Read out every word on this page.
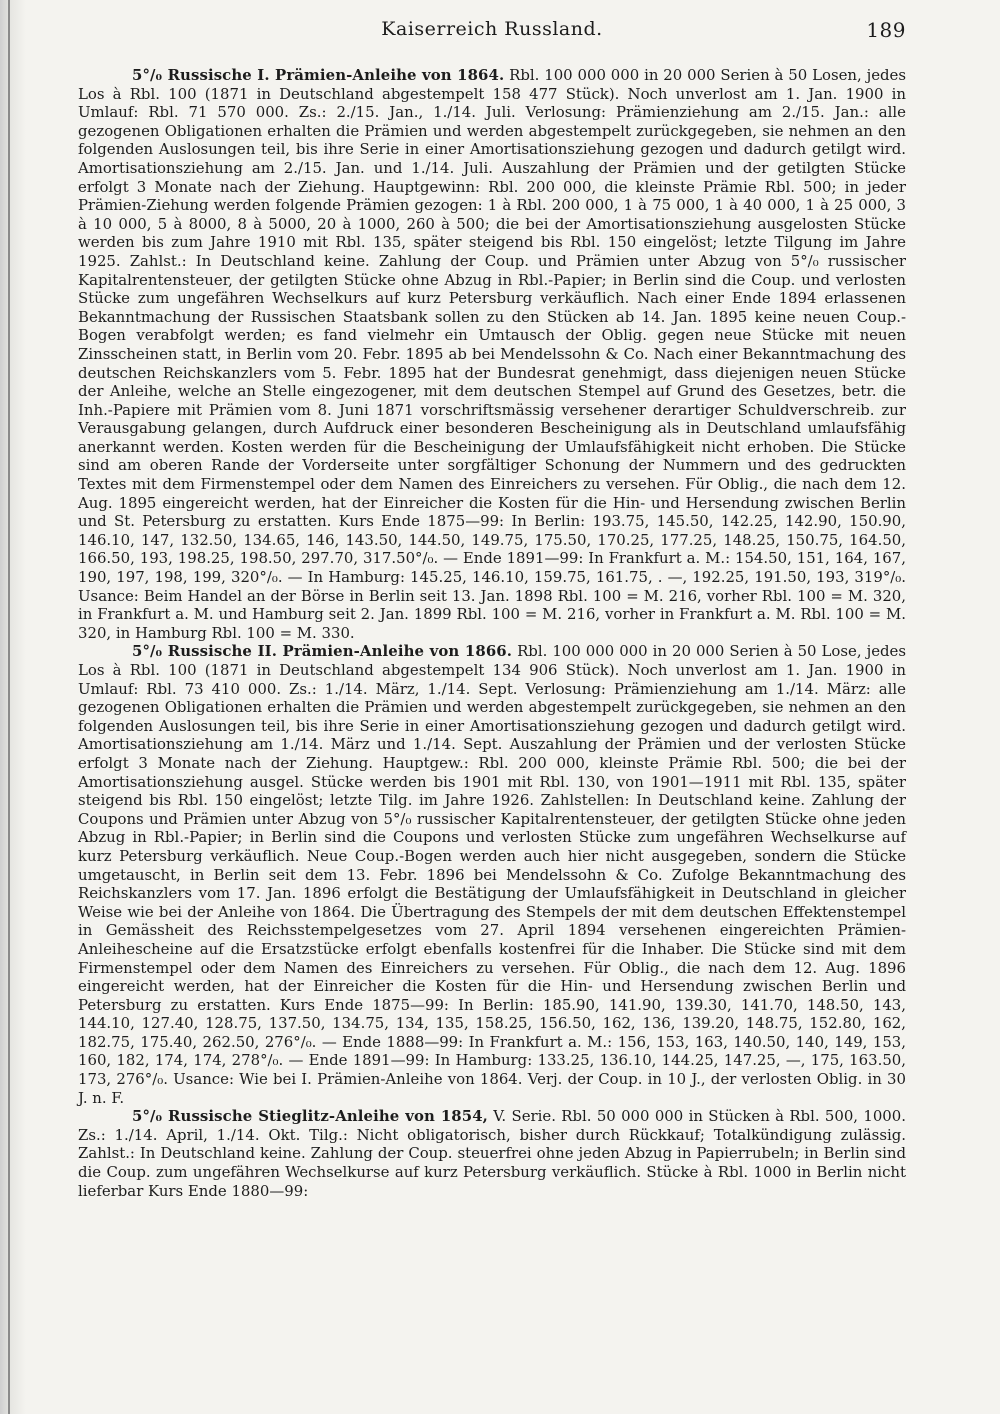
Kaiserreich Russland.	189

5°/₀ Russische I. Prämien-Anleihe von 1864. Rbl. 100 000 000 in 20 000 Serien à 50 Losen, jedes Los à Rbl. 100 (1871 in Deutschland abgestempelt 158 477 Stück). Noch unverlost am 1. Jan. 1900 in Umlauf: Rbl. 71 570 000. Zs.: 2./15. Jan., 1./14. Juli. Verlosung: Prämienziehung am 2./15. Jan.: alle gezogenen Obligationen erhalten die Prämien und werden abgestempelt zurückgegeben, sie nehmen an den folgenden Auslosungen teil, bis ihre Serie in einer Amortisationsziehung gezogen und dadurch getilgt wird. Amortisationsziehung am 2./15. Jan. und 1./14. Juli. Auszahlung der Prämien und der getilgten Stücke erfolgt 3 Monate nach der Ziehung. Hauptgewinn: Rbl. 200 000, die kleinste Prämie Rbl. 500; in jeder Prämien-Ziehung werden folgende Prämien gezogen: 1 à Rbl. 200 000, 1 à 75 000, 1 à 40 000, 1 à 25 000, 3 à 10 000, 5 à 8000, 8 à 5000, 20 à 1000, 260 à 500; die bei der Amortisationsziehung ausgelosten Stücke werden bis zum Jahre 1910 mit Rbl. 135, später steigend bis Rbl. 150 eingelöst; letzte Tilgung im Jahre 1925. Zahlst.: In Deutschland keine. Zahlung der Coup. und Prämien unter Abzug von 5°/₀ russischer Kapitalrentensteuer, der getilgten Stücke ohne Abzug in Rbl.-Papier; in Berlin sind die Coup. und verlosten Stücke zum ungefähren Wechselkurs auf kurz Petersburg verkäuflich. Nach einer Ende 1894 erlassenen Bekanntmachung der Russischen Staatsbank sollen zu den Stücken ab 14. Jan. 1895 keine neuen Coup.-Bogen verabfolgt werden; es fand vielmehr ein Umtausch der Oblig. gegen neue Stücke mit neuen Zinsscheinen statt, in Berlin vom 20. Febr. 1895 ab bei Mendelssohn & Co. Nach einer Bekanntmachung des deutschen Reichskanzlers vom 5. Febr. 1895 hat der Bundesrat genehmigt, dass diejenigen neuen Stücke der Anleihe, welche an Stelle eingezogener, mit dem deutschen Stempel auf Grund des Gesetzes, betr. die Inh.-Papiere mit Prämien vom 8. Juni 1871 vorschriftsmässig versehener derartiger Schuldverschreib. zur Verausgabung gelangen, durch Aufdruck einer besonderen Bescheinigung als in Deutschland umlaufsfähig anerkannt werden. Kosten werden für die Bescheinigung der Umlaufsfähigkeit nicht erhoben. Die Stücke sind am oberen Rande der Vorderseite unter sorgfältiger Schonung der Nummern und des gedruckten Textes mit dem Firmenstempel oder dem Namen des Einreichers zu versehen. Für Oblig., die nach dem 12. Aug. 1895 eingereicht werden, hat der Einreicher die Kosten für die Hin- und Hersendung zwischen Berlin und St. Petersburg zu erstatten. Kurs Ende 1875—99: In Berlin: 193.75, 145.50, 142.25, 142.90, 150.90, 146.10, 147, 132.50, 134.65, 146, 143.50, 144.50, 149.75, 175.50, 170.25, 177.25, 148.25, 150.75, 164.50, 166.50, 193, 198.25, 198.50, 297.70, 317.50°/₀. — Ende 1891—99: In Frankfurt a. M.: 154.50, 151, 164, 167, 190, 197, 198, 199, 320°/₀. — In Hamburg: 145.25, 146.10, 159.75, 161.75, . —, 192.25, 191.50, 193, 319°/₀. Usance: Beim Handel an der Börse in Berlin seit 13. Jan. 1898 Rbl. 100 = M. 216, vorher Rbl. 100 = M. 320, in Frankfurt a. M. und Hamburg seit 2. Jan. 1899 Rbl. 100 = M. 216, vorher in Frankfurt a. M. Rbl. 100 = M. 320, in Hamburg Rbl. 100 = M. 330.

5°/₀ Russische II. Prämien-Anleihe von 1866. Rbl. 100 000 000 in 20 000 Serien à 50 Lose, jedes Los à Rbl. 100 (1871 in Deutschland abgestempelt 134 906 Stück). Noch unverlost am 1. Jan. 1900 in Umlauf: Rbl. 73 410 000. Zs.: 1./14. März, 1./14. Sept. Verlosung: Prämienziehung am 1./14. März: alle gezogenen Obligationen erhalten die Prämien und werden abgestempelt zurückgegeben, sie nehmen an den folgenden Auslosungen teil, bis ihre Serie in einer Amortisationsziehung gezogen und dadurch getilgt wird. Amortisationsziehung am 1./14. März und 1./14. Sept. Auszahlung der Prämien und der verlosten Stücke erfolgt 3 Monate nach der Ziehung. Hauptgew.: Rbl. 200 000, kleinste Prämie Rbl. 500; die bei der Amortisationsziehung ausgel. Stücke werden bis 1901 mit Rbl. 130, von 1901—1911 mit Rbl. 135, später steigend bis Rbl. 150 eingelöst; letzte Tilg. im Jahre 1926. Zahlstellen: In Deutschland keine. Zahlung der Coupons und Prämien unter Abzug von 5°/₀ russischer Kapitalrentensteuer, der getilgten Stücke ohne jeden Abzug in Rbl.-Papier; in Berlin sind die Coupons und verlosten Stücke zum ungefähren Wechselkurse auf kurz Petersburg verkäuflich. Neue Coup.-Bogen werden auch hier nicht ausgegeben, sondern die Stücke umgetauscht, in Berlin seit dem 13. Febr. 1896 bei Mendelssohn & Co. Zufolge Bekanntmachung des Reichskanzlers vom 17. Jan. 1896 erfolgt die Bestätigung der Umlaufsfähigkeit in Deutschland in gleicher Weise wie bei der Anleihe von 1864. Die Übertragung des Stempels der mit dem deutschen Effektenstempel in Gemässheit des Reichsstempelgesetzes vom 27. April 1894 versehenen eingereichten Prämien-Anleihescheine auf die Ersatzstücke erfolgt ebenfalls kostenfrei für die Inhaber. Die Stücke sind mit dem Firmenstempel oder dem Namen des Einreichers zu versehen. Für Oblig., die nach dem 12. Aug. 1896 eingereicht werden, hat der Einreicher die Kosten für die Hin- und Hersendung zwischen Berlin und Petersburg zu erstatten. Kurs Ende 1875—99: In Berlin: 185.90, 141.90, 139.30, 141.70, 148.50, 143, 144.10, 127.40, 128.75, 137.50, 134.75, 134, 135, 158.25, 156.50, 162, 136, 139.20, 148.75, 152.80, 162, 182.75, 175.40, 262.50, 276°/₀. — Ende 1888—99: In Frankfurt a. M.: 156, 153, 163, 140.50, 140, 149, 153, 160, 182, 174, 174, 278°/₀. — Ende 1891—99: In Hamburg: 133.25, 136.10, 144.25, 147.25, —, 175, 163.50, 173, 276°/₀. Usance: Wie bei I. Prämien-Anleihe von 1864. Verj. der Coup. in 10 J., der verlosten Oblig. in 30 J. n. F.

5°/₀ Russische Stieglitz-Anleihe von 1854, V. Serie. Rbl. 50 000 000 in Stücken à Rbl. 500, 1000. Zs.: 1./14. April, 1./14. Okt. Tilg.: Nicht obligatorisch, bisher durch Rückkauf; Totalkündigung zulässig. Zahlst.: In Deutschland keine. Zahlung der Coup. steuerfrei ohne jeden Abzug in Papierrubeln; in Berlin sind die Coup. zum ungefähren Wechselkurse auf kurz Petersburg verkäuflich. Stücke à Rbl. 1000 in Berlin nicht lieferbar Kurs Ende 1880—99:
